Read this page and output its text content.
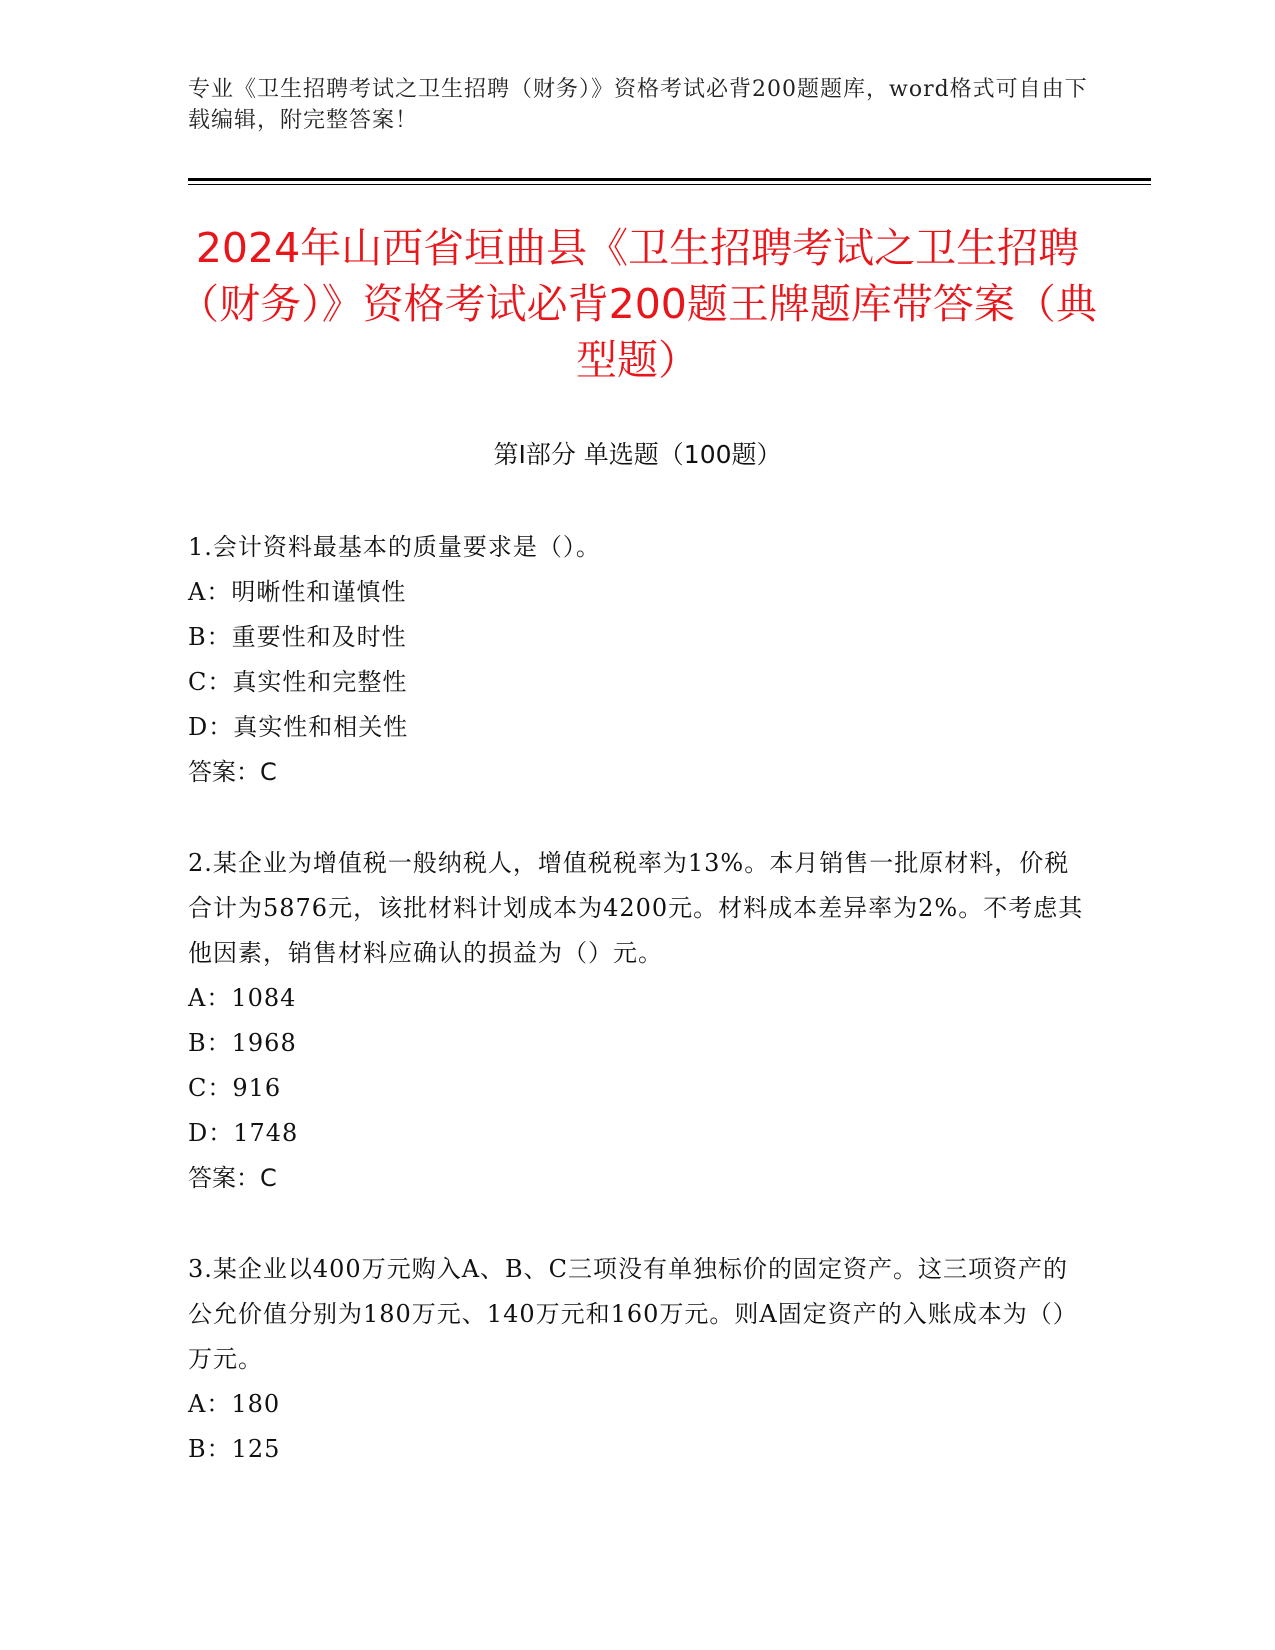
专业《卫生招聘考试之卫生招聘（财务）》资格考试必背200题题库，word格式可自由下载编辑，附完整答案！
2024年山西省垣曲县《卫生招聘考试之卫生招聘（财务）》资格考试必背200题王牌题库带答案（典型题）
第Ⅰ部分 单选题（100题）
1.会计资料最基本的质量要求是（）。
A：明晰性和谨慎性
B：重要性和及时性
C：真实性和完整性
D：真实性和相关性
答案：C
2.某企业为增值税一般纳税人，增值税税率为13%。本月销售一批原材料，价税合计为5876元，该批材料计划成本为4200元。材料成本差异率为2%。不考虑其他因素，销售材料应确认的损益为（）元。
A：1084
B：1968
C：916
D：1748
答案：C
3.某企业以400万元购入A、B、C三项没有单独标价的固定资产。这三项资产的公允价值分别为180万元、140万元和160万元。则A固定资产的入账成本为（）万元。
A：180
B：125
